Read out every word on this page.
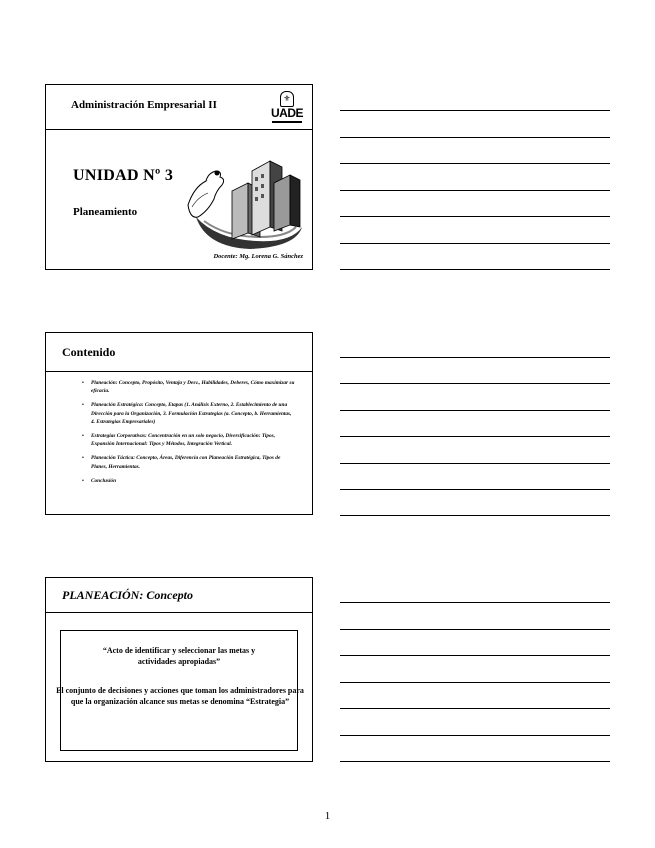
Administración Empresarial II
⚜
UADE
UNIDAD Nº 3
Planeamiento
Docente: Mg. Lorena G. Sánchez
Contenido
• Planeación: Concepto, Propósito, Ventaja y Desv., Habilidades, Deberes, Cómo maximizar su eficacia.
• Planeación Estratégica: Concepto, Etapas (1. Análisis Externo, 2. Establecimiento de una Dirección para la Organización, 3. Formulación Estrategias (a. Concepto, b. Herramientas, 4. Estrategias Empresariales)
• Estrategias Corporativas: Concentración en un solo negocio, Diversificación: Tipos, Expansión Internacional: Tipos y Métodos, Integración Vertical.
• Planeación Táctica: Concepto, Áreas, Diferencia con Planeación Estratégica, Tipos de Planes, Herramientas.
• Conclusión
PLANEACIÓN: Concepto
“Acto de identificar y seleccionar las metas y actividades apropiadas”
El conjunto de decisiones y acciones que toman los administradores para que la organización alcance sus metas se denomina “Estrategia”
1
